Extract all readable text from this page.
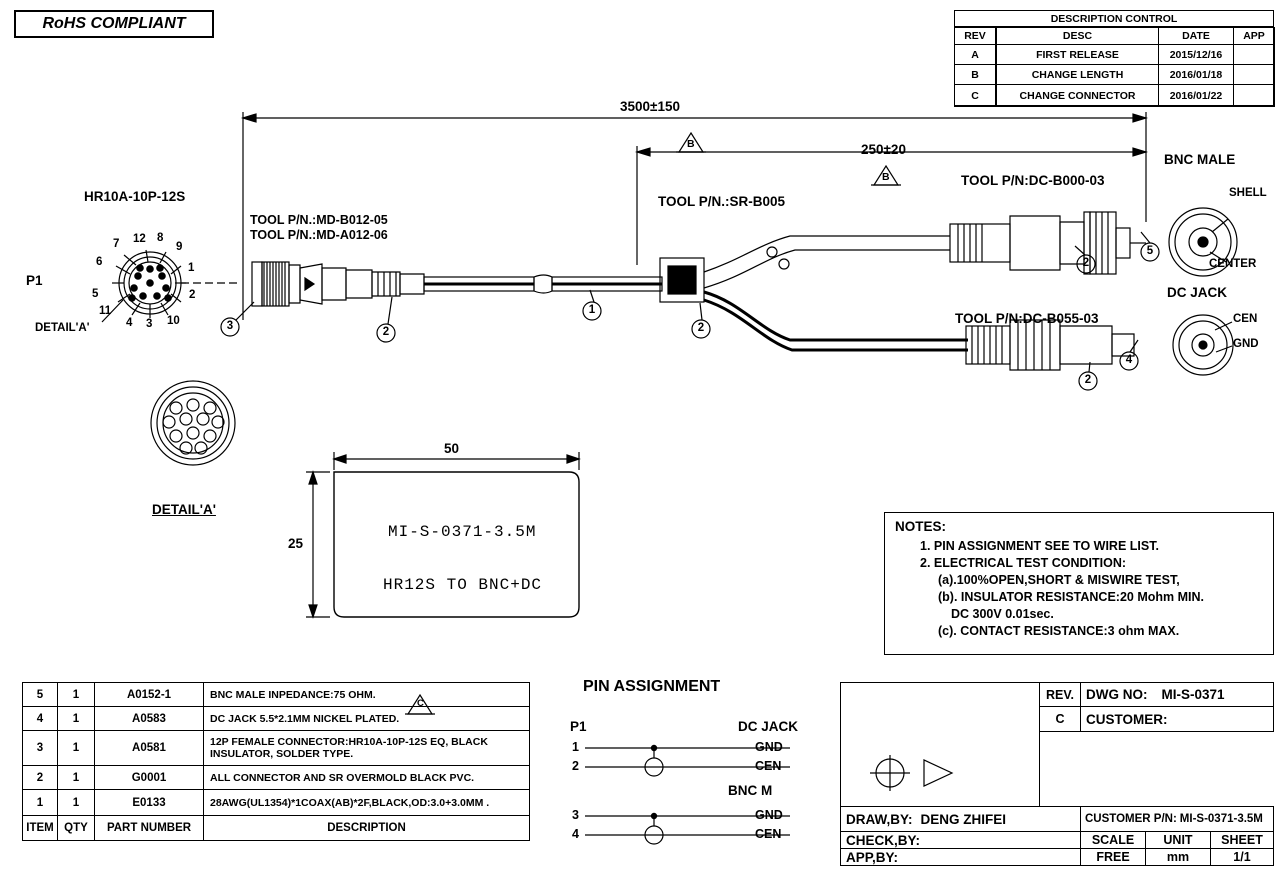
RoHS COMPLIANT	DESCRIPTION CONTROL
REV	DESC	DATE	APP
A	FIRST RELEASE	2015/12/16
B	CHANGE LENGTH	2016/01/18
C	CHANGE CONNECTOR	2016/01/22
3500±150
250±20
B
B
HR10A-10P-12S
P1
DETAIL'A'
DETAIL'A'
7 12 8
9
6	1
5	2
11
4 3 10
TOOL P/N.:MD-B012-05
TOOL P/N.:MD-A012-06
TOOL P/N.:SR-B005
TOOL P/N:DC-B000-03
TOOL P/N:DC-B055-03
BNC MALE
SHELL
CENTER
DC JACK
CEN
GND
3	2
1
2
2
5
4
2
50
25
MI-S-0371-3.5M
HR12S TO BNC+DC
NOTES:
1. PIN ASSIGNMENT SEE TO WIRE LIST.
2. ELECTRICAL TEST CONDITION:
(a).100%OPEN,SHORT & MISWIRE TEST,
(b). INSULATOR RESISTANCE:20 Mohm MIN.
DC 300V 0.01sec.
(c). CONTACT RESISTANCE:3 ohm MAX.
5	1	A0152-1	BNC MALE INPEDANCE:75 OHM.
C
4	1	A0583	DC JACK 5.5*2.1MM NICKEL PLATED.
3	1	A0581	12P FEMALE CONNECTOR:HR10A-10P-12S EQ, BLACK INSULATOR, SOLDER TYPE.
2	1	G0001	ALL CONNECTOR AND SR OVERMOLD BLACK PVC.
1	1	E0133	28AWG(UL1354)*1COAX(AB)*2F,BLACK,OD:3.0+3.0MM .
ITEM QTY	PART NUMBER	DESCRIPTION
PIN ASSIGNMENT
P1	DC JACK
BNC M
1	GND
2	CEN
3	GND
4	CEN
REV. DWG NO: MI-S-0371
C	CUSTOMER:
DRAW,BY: DENG ZHIFEI	CUSTOMER P/N: MI-S-0371-3.5M
CHECK,BY:	SCALE	UNIT	SHEET
APP,BY:	FREE	mm	1/1
